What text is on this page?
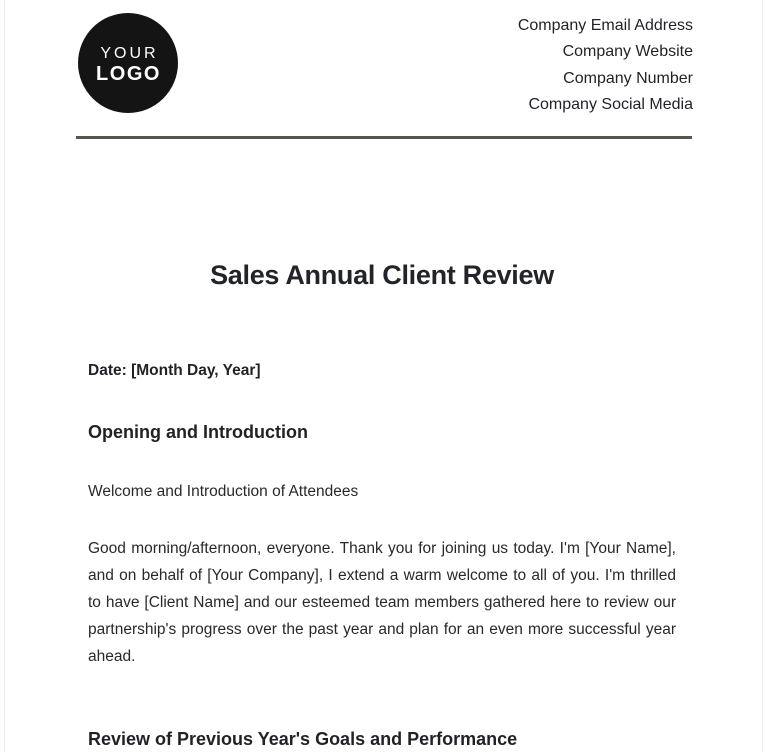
YOUR
LOGO
Company Email Address
Company Website
Company Number
Company Social Media
Sales Annual Client Review

Date: [Month Day, Year]

Opening and Introduction

Welcome and Introduction of Attendees

Good morning/afternoon, everyone. Thank you for joining us today. I'm [Your Name], and on behalf of [Your Company], I extend a warm welcome to all of you. I'm thrilled to have [Client Name] and our esteemed team members gathered here to review our partnership's progress over the past year and plan for an even more successful year ahead.

Review of Previous Year's Goals and Performance
